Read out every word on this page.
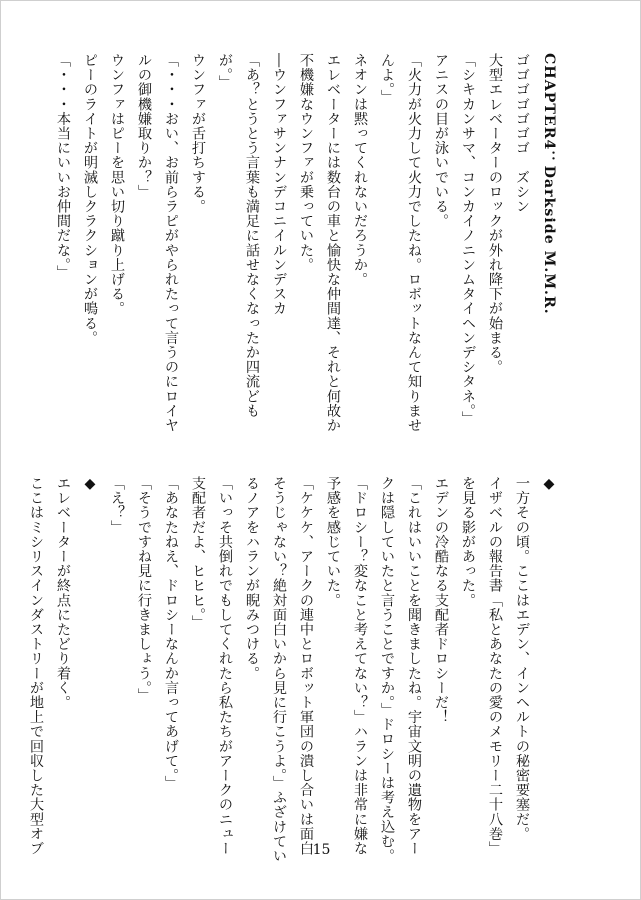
CHAPTER4：Darkside M.M.R.
ゴゴゴゴゴゴゴ　ズシン
大型エレベーターのロックが外れ降下が始まる。
「シキカンサマ、コンカイノニンムタイヘンデシタネ。」
アニスの目が泳いでいる。
「火力が火力して火力でしたね。ロボットなんて知りませ
んよ。」
ネオンは黙ってくれないだろうか。
エレベーターには数台の車と愉快な仲間達、それと何故か
不機嫌なウンファが乗っていた。
―ウンファサンナンデコニイルンデスカ
「あ？とうとう言葉も満足に話せなくなったか四流ども
が。」
ウンファが舌打ちする。
「・・・おい、お前らラピがやられたって言うのにロイヤ
ルの御機嫌取りか？」
ウンファはピーを思い切り蹴り上げる。
ピーのライトが明滅しクラクションが鳴る。
「・・・本当にいいお仲間だな。」
◆
一方その頃。ここはエデン、インヘルトの秘密要塞だ。
イザベルの報告書「私とあなたの愛のメモリー二十八巻」
を見る影があった。
エデンの冷酷なる支配者ドロシーだ！
「これはいいことを聞きましたね。宇宙文明の遺物をアー
クは隠していたと言うことですか。」ドロシーは考え込む。
「ドロシー？変なこと考えてない？」ハランは非常に嫌な
予感を感じていた。
「ケケケ、アークの連中とロボット軍団の潰し合いは面白
そうじゃない？絶対面白いから見に行こうよ。」ふざけてい
るノアをハランが睨みつける。
「いっそ共倒れでもしてくれたら私たちがアークのニュー
支配者だよ、ヒヒヒ。」
「あなたねえ、ドロシーなんか言ってあげて。」
「そうですね見に行きましょう。」
「え？」
◆
エレベーターが終点にたどり着く。
ここはミシリスインダストリーが地上で回収した大型オブ	15
